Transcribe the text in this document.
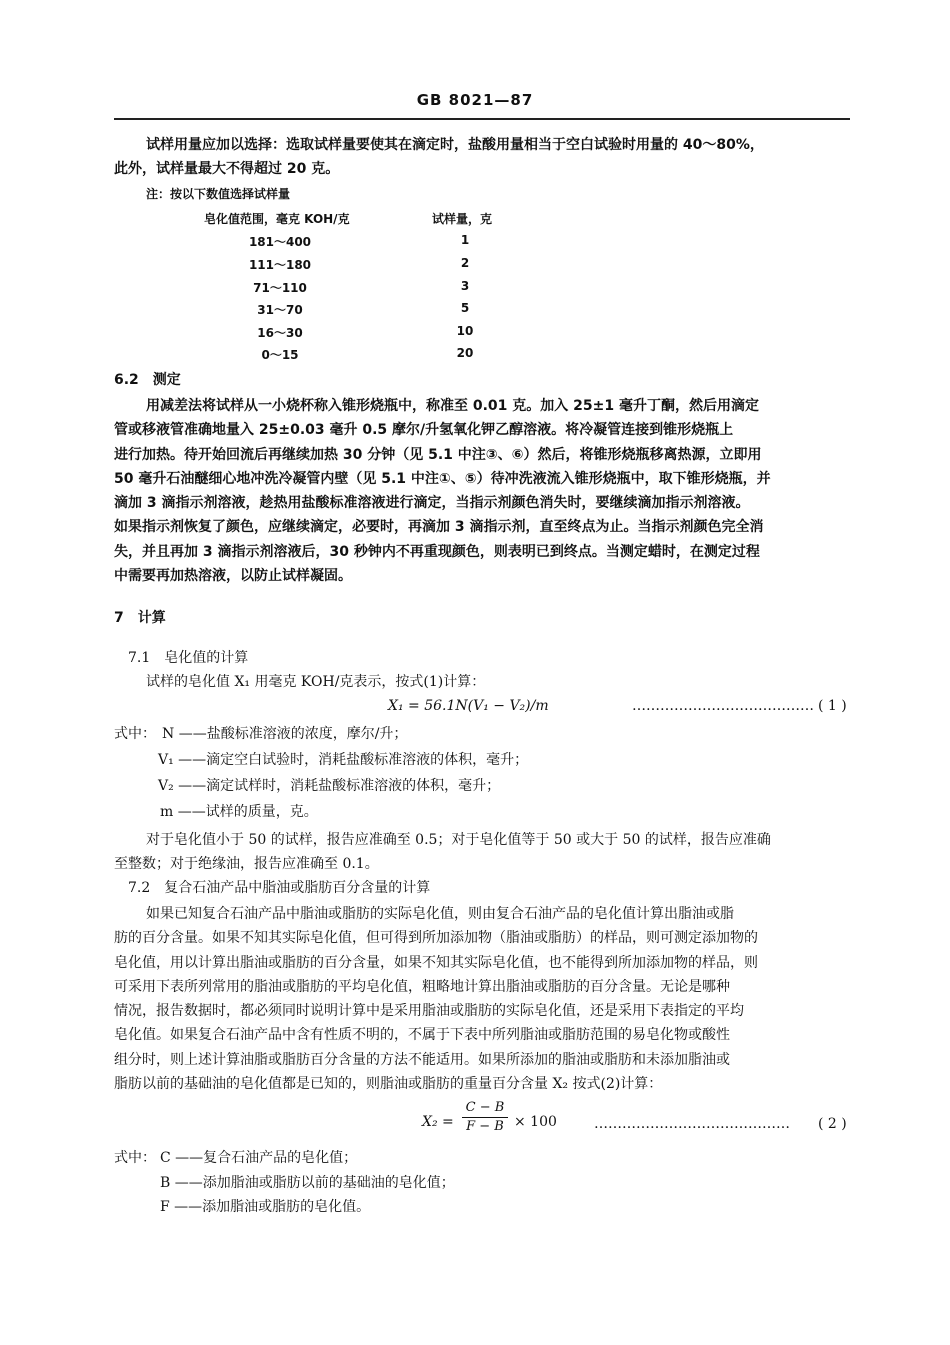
GB 8021—87
试样用量应加以选择：选取试样量要使其在滴定时，盐酸用量相当于空白试验时用量的 40～80%，
此外，试样量最大不得超过 20 克。
注：按以下数值选择试样量
皂化值范围，毫克 KOH/克	试样量，克
181～400	1
111～180	2
71～110	3
31～70	5
16～30	10
0～15	20
6.2　测定
用减差法将试样从一小烧杯称入锥形烧瓶中，称准至 0.01 克。加入 25±1 毫升丁酮，然后用滴定
管或移液管准确地量入 25±0.03 毫升 0.5 摩尔/升氢氧化钾乙醇溶液。将冷凝管连接到锥形烧瓶上
进行加热。待开始回流后再继续加热 30 分钟（见 5.1 中注③、⑥）然后，将锥形烧瓶移离热源，立即用
50 毫升石油醚细心地冲洗冷凝管内壁（见 5.1 中注①、⑤）待冲洗液流入锥形烧瓶中，取下锥形烧瓶，并
滴加 3 滴指示剂溶液，趁热用盐酸标准溶液进行滴定，当指示剂颜色消失时，要继续滴加指示剂溶液。
如果指示剂恢复了颜色，应继续滴定，必要时，再滴加 3 滴指示剂，直至终点为止。当指示剂颜色完全消
失，并且再加 3 滴指示剂溶液后，30 秒钟内不再重现颜色，则表明已到终点。当测定蜡时，在测定过程
中需要再加热溶液，以防止试样凝固。
7　计算
7.1　皂化值的计算
试样的皂化值 X₁ 用毫克 KOH/克表示，按式(1)计算：
X₁ = 56.1N(V₁ − V₂)/m	………………………………… ( 1 )
式中： N ——盐酸标准溶液的浓度，摩尔/升；
V₁ ——滴定空白试验时，消耗盐酸标准溶液的体积，毫升；
V₂ ——滴定试样时，消耗盐酸标准溶液的体积，毫升；
m ——试样的质量，克。
对于皂化值小于 50 的试样，报告应准确至 0.5；对于皂化值等于 50 或大于 50 的试样，报告应准确
至整数；对于绝缘油，报告应准确至 0.1。
7.2　复合石油产品中脂油或脂肪百分含量的计算
如果已知复合石油产品中脂油或脂肪的实际皂化值，则由复合石油产品的皂化值计算出脂油或脂
肪的百分含量。如果不知其实际皂化值，但可得到所加添加物（脂油或脂肪）的样品，则可测定添加物的
皂化值，用以计算出脂油或脂肪的百分含量，如果不知其实际皂化值，也不能得到所加添加物的样品，则
可采用下表所列常用的脂油或脂肪的平均皂化值，粗略地计算出脂油或脂肪的百分含量。无论是哪种
情况，报告数据时，都必须同时说明计算中是采用脂油或脂肪的实际皂化值，还是采用下表指定的平均
皂化值。如果复合石油产品中含有性质不明的，不属于下表中所列脂油或脂肪范围的易皂化物或酸性
组分时，则上述计算油脂或脂肪百分含量的方法不能适用。如果所添加的脂油或脂肪和未添加脂油或
脂肪以前的基础油的皂化值都是已知的，则脂油或脂肪的重量百分含量 X₂ 按式(2)计算：
$X_2 = \frac{C - B}{F - B} \times 100$	…………………………………… ( 2 )
式中： C ——复合石油产品的皂化值；
B ——添加脂油或脂肪以前的基础油的皂化值；
F ——添加脂油或脂肪的皂化值。
